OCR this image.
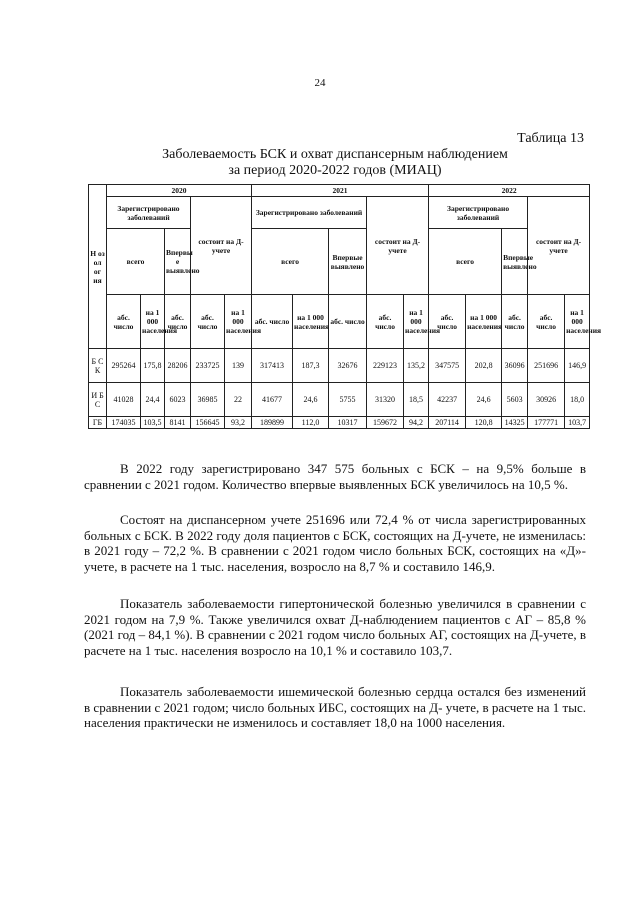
24
Таблица 13
Заболеваемость БСК и охват диспансерным наблюдением
за период 2020-2022 годов (МИАЦ)
Н оз ол ог ия	2020					2021					2022				
	Зарегистрировано заболеваний			состоит на Д-учете		Зарегистрировано заболеваний			состоит на Д-учете		Зарегистрировано заболеваний			состоит на Д-учете	
	всего		Впервы е выявлено			всего		Впервые выявлено			всего		Впервые выявлено		
	абс. число	на 1 000 населения	абс. число	абс. число	на 1 000 населения	абс. число	на 1 000 населения	абс. число	абс. число	на 1 000 населения	абс. число	на 1 000 населения	абс. число	абс. число	на 1 000 населения
Б С К	295264	175,8	28206	233725	139	317413	187,3	32676	229123	135,2	347575	202,8	36096	251696	146,9
И Б С	41028	24,4	6023	36985	22	41677	24,6	5755	31320	18,5	42237	24,6	5603	30926	18,0
ГБ	174035	103,5	8141	156645	93,2	189899	112,0	10317	159672	94,2	207114	120,8	14325	177771	103,7

В 2022 году зарегистрировано 347 575 больных с БСК – на 9,5% больше в сравнении с 2021 годом. Количество впервые выявленных БСК увеличилось на 10,5 %.

Состоят на диспансерном учете 251696 или 72,4 % от числа зарегистрированных больных с БСК. В 2022 году доля пациентов с БСК, состоящих на Д-учете, не изменилась: в 2021 году – 72,2 %. В сравнении с 2021 годом число больных БСК, состоящих на «Д»-учете, в расчете на 1 тыс. населения, возросло на 8,7 % и составило 146,9.

Показатель заболеваемости гипертонической болезнью увеличился в сравнении с 2021 годом на 7,9 %. Также увеличился охват Д-наблюдением пациентов с АГ – 85,8 % (2021 год – 84,1 %). В сравнении с 2021 годом число больных АГ, состоящих на Д-учете, в расчете на 1 тыс. населения возросло на 10,1 % и составило 103,7.

Показатель заболеваемости ишемической болезнью сердца остался без изменений в сравнении с 2021 годом; число больных ИБС, состоящих на Д- учете, в расчете на 1 тыс. населения практически не изменилось и составляет 18,0 на 1000 населения.
